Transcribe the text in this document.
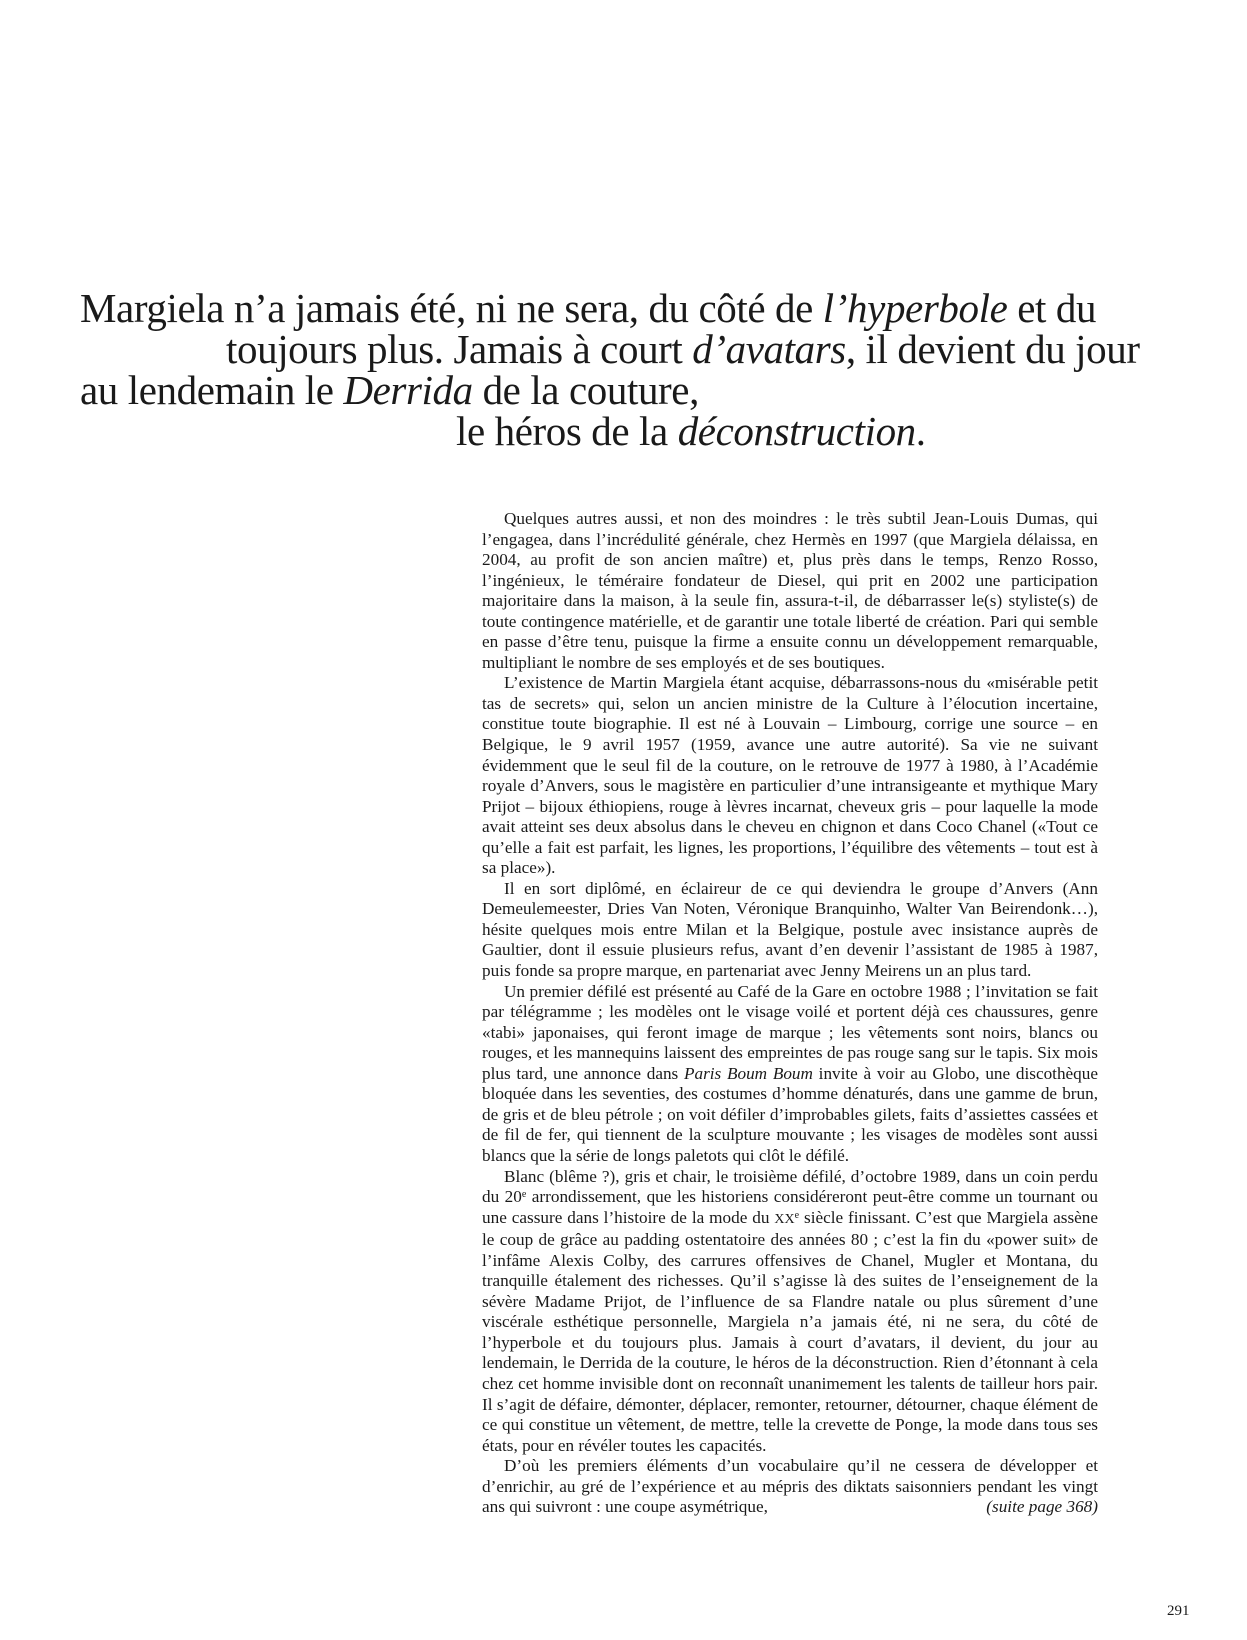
Margiela n’a jamais été, ni ne sera, du côté de l’hyperbole et du
toujours plus. Jamais à court d’avatars, il devient du jour
au lendemain le Derrida de la couture,
le héros de la déconstruction.

Quelques autres aussi, et non des moindres : le très subtil Jean-Louis Dumas, qui l’engagea, dans l’incrédulité générale, chez Hermès en 1997 (que Margiela délaissa, en 2004, au profit de son ancien maître) et, plus près dans le temps, Renzo Rosso, l’ingénieux, le téméraire fondateur de Diesel, qui prit en 2002 une participation majoritaire dans la maison, à la seule fin, assura-t-il, de débarrasser le(s) styliste(s) de toute contingence matérielle, et de garantir une totale liberté de création. Pari qui semble en passe d’être tenu, puisque la firme a ensuite connu un développement remarquable, multipliant le nombre de ses employés et de ses boutiques.

L’existence de Martin Margiela étant acquise, débarrassons-nous du «misérable petit tas de secrets» qui, selon un ancien ministre de la Culture à l’élocution incertaine, constitue toute biographie. Il est né à Louvain – Limbourg, corrige une source – en Belgique, le 9 avril 1957 (1959, avance une autre autorité). Sa vie ne suivant évidemment que le seul fil de la couture, on le retrouve de 1977 à 1980, à l’Académie royale d’Anvers, sous le magistère en particulier d’une intransigeante et mythique Mary Prijot – bijoux éthiopiens, rouge à lèvres incarnat, cheveux gris – pour laquelle la mode avait atteint ses deux absolus dans le cheveu en chignon et dans Coco Chanel («Tout ce qu’elle a fait est parfait, les lignes, les proportions, l’équilibre des vêtements – tout est à sa place»).

Il en sort diplômé, en éclaireur de ce qui deviendra le groupe d’Anvers (Ann Demeulemeester, Dries Van Noten, Véronique Branquinho, Walter Van Beirendonk…), hésite quelques mois entre Milan et la Belgique, postule avec insistance auprès de Gaultier, dont il essuie plusieurs refus, avant d’en devenir l’assistant de 1985 à 1987, puis fonde sa propre marque, en partenariat avec Jenny Meirens un an plus tard.

Un premier défilé est présenté au Café de la Gare en octobre 1988 ; l’invitation se fait par télégramme ; les modèles ont le visage voilé et portent déjà ces chaussures, genre «tabi» japonaises, qui feront image de marque ; les vêtements sont noirs, blancs ou rouges, et les mannequins laissent des empreintes de pas rouge sang sur le tapis. Six mois plus tard, une annonce dans Paris Boum Boum invite à voir au Globo, une discothèque bloquée dans les seventies, des costumes d’homme dénaturés, dans une gamme de brun, de gris et de bleu pétrole ; on voit défiler d’improbables gilets, faits d’assiettes cassées et de fil de fer, qui tiennent de la sculpture mouvante ; les visages de modèles sont aussi blancs que la série de longs paletots qui clôt le défilé.

Blanc (blême ?), gris et chair, le troisième défilé, d’octobre 1989, dans un coin perdu du 20e arrondissement, que les historiens considéreront peut-être comme un tournant ou une cassure dans l’histoire de la mode du XXe siècle finissant. C’est que Margiela assène le coup de grâce au padding ostentatoire des années 80 ; c’est la fin du «power suit» de l’infâme Alexis Colby, des carrures offensives de Chanel, Mugler et Montana, du tranquille étalement des richesses. Qu’il s’agisse là des suites de l’enseignement de la sévère Madame Prijot, de l’influence de sa Flandre natale ou plus sûrement d’une viscérale esthétique personnelle, Margiela n’a jamais été, ni ne sera, du côté de l’hyperbole et du toujours plus. Jamais à court d’avatars, il devient, du jour au lendemain, le Derrida de la couture, le héros de la déconstruction. Rien d’étonnant à cela chez cet homme invisible dont on reconnaît unanimement les talents de tailleur hors pair. Il s’agit de défaire, démonter, déplacer, remonter, retourner, détourner, chaque élément de ce qui constitue un vêtement, de mettre, telle la crevette de Ponge, la mode dans tous ses états, pour en révéler toutes les capacités.

D’où les premiers éléments d’un vocabulaire qu’il ne cessera de développer et d’enrichir, au gré de l’expérience et au mépris des diktats saisonniers pendant les vingt ans qui suivront : une coupe asymétrique,	(suite page 368)

291
